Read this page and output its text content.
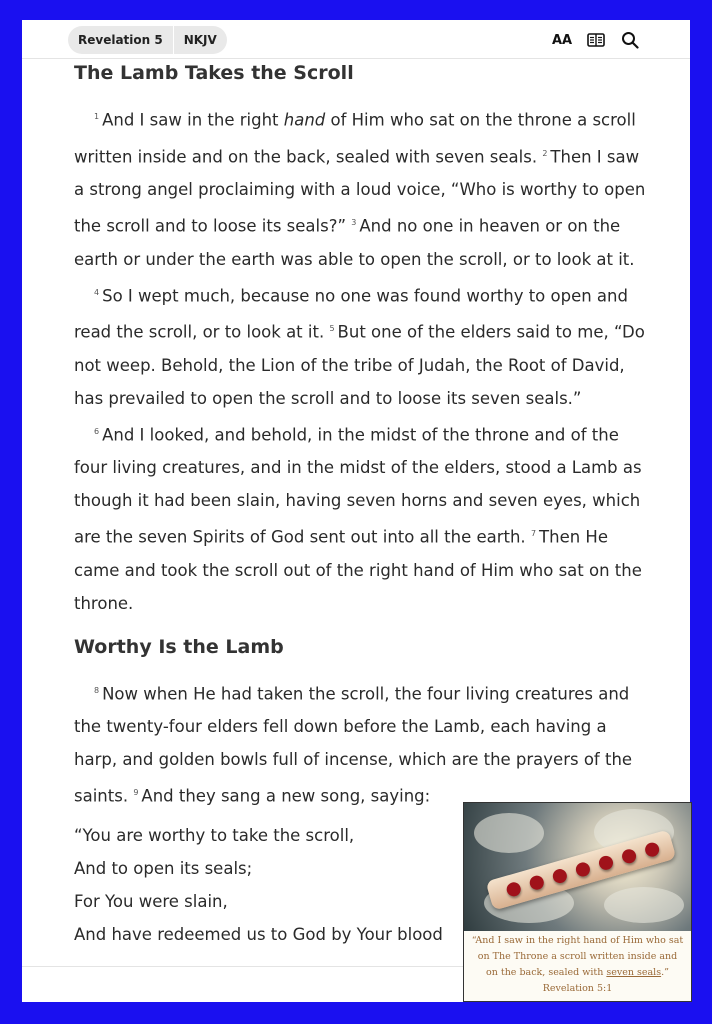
Revelation 5	NKJV	AA
The Lamb Takes the Scroll

$^1$ And I saw in the right hand of Him who sat on the throne a scroll written inside and on the back, sealed with seven seals. $^2$ Then I saw a strong angel proclaiming with a loud voice, “Who is worthy to open the scroll and to loose its seals?” $^3$ And no one in heaven or on the earth or under the earth was able to open the scroll, or to look at it.

$^4$ So I wept much, because no one was found worthy to open and read the scroll, or to look at it. $^5$ But one of the elders said to me, “Do not weep. Behold, the Lion of the tribe of Judah, the Root of David, has prevailed to open the scroll and to loose its seven seals.”

$^6$ And I looked, and behold, in the midst of the throne and of the four living creatures, and in the midst of the elders, stood a Lamb as though it had been slain, having seven horns and seven eyes, which are the seven Spirits of God sent out into all the earth. $^7$ Then He came and took the scroll out of the right hand of Him who sat on the throne.

Worthy Is the Lamb

$^8$ Now when He had taken the scroll, the four living creatures and the twenty-four elders fell down before the Lamb, each having a harp, and golden bowls full of incense, which are the prayers of the saints. $^9$ And they sang a new song, saying:

“You are worthy to take the scroll,
And to open its seals;
For You were slain,
And have redeemed us to God by Your blood	“And I saw in the right hand of Him who sat
on The Throne a scroll written inside and
on the back, sealed with seven seals.”
Revelation 5:1
